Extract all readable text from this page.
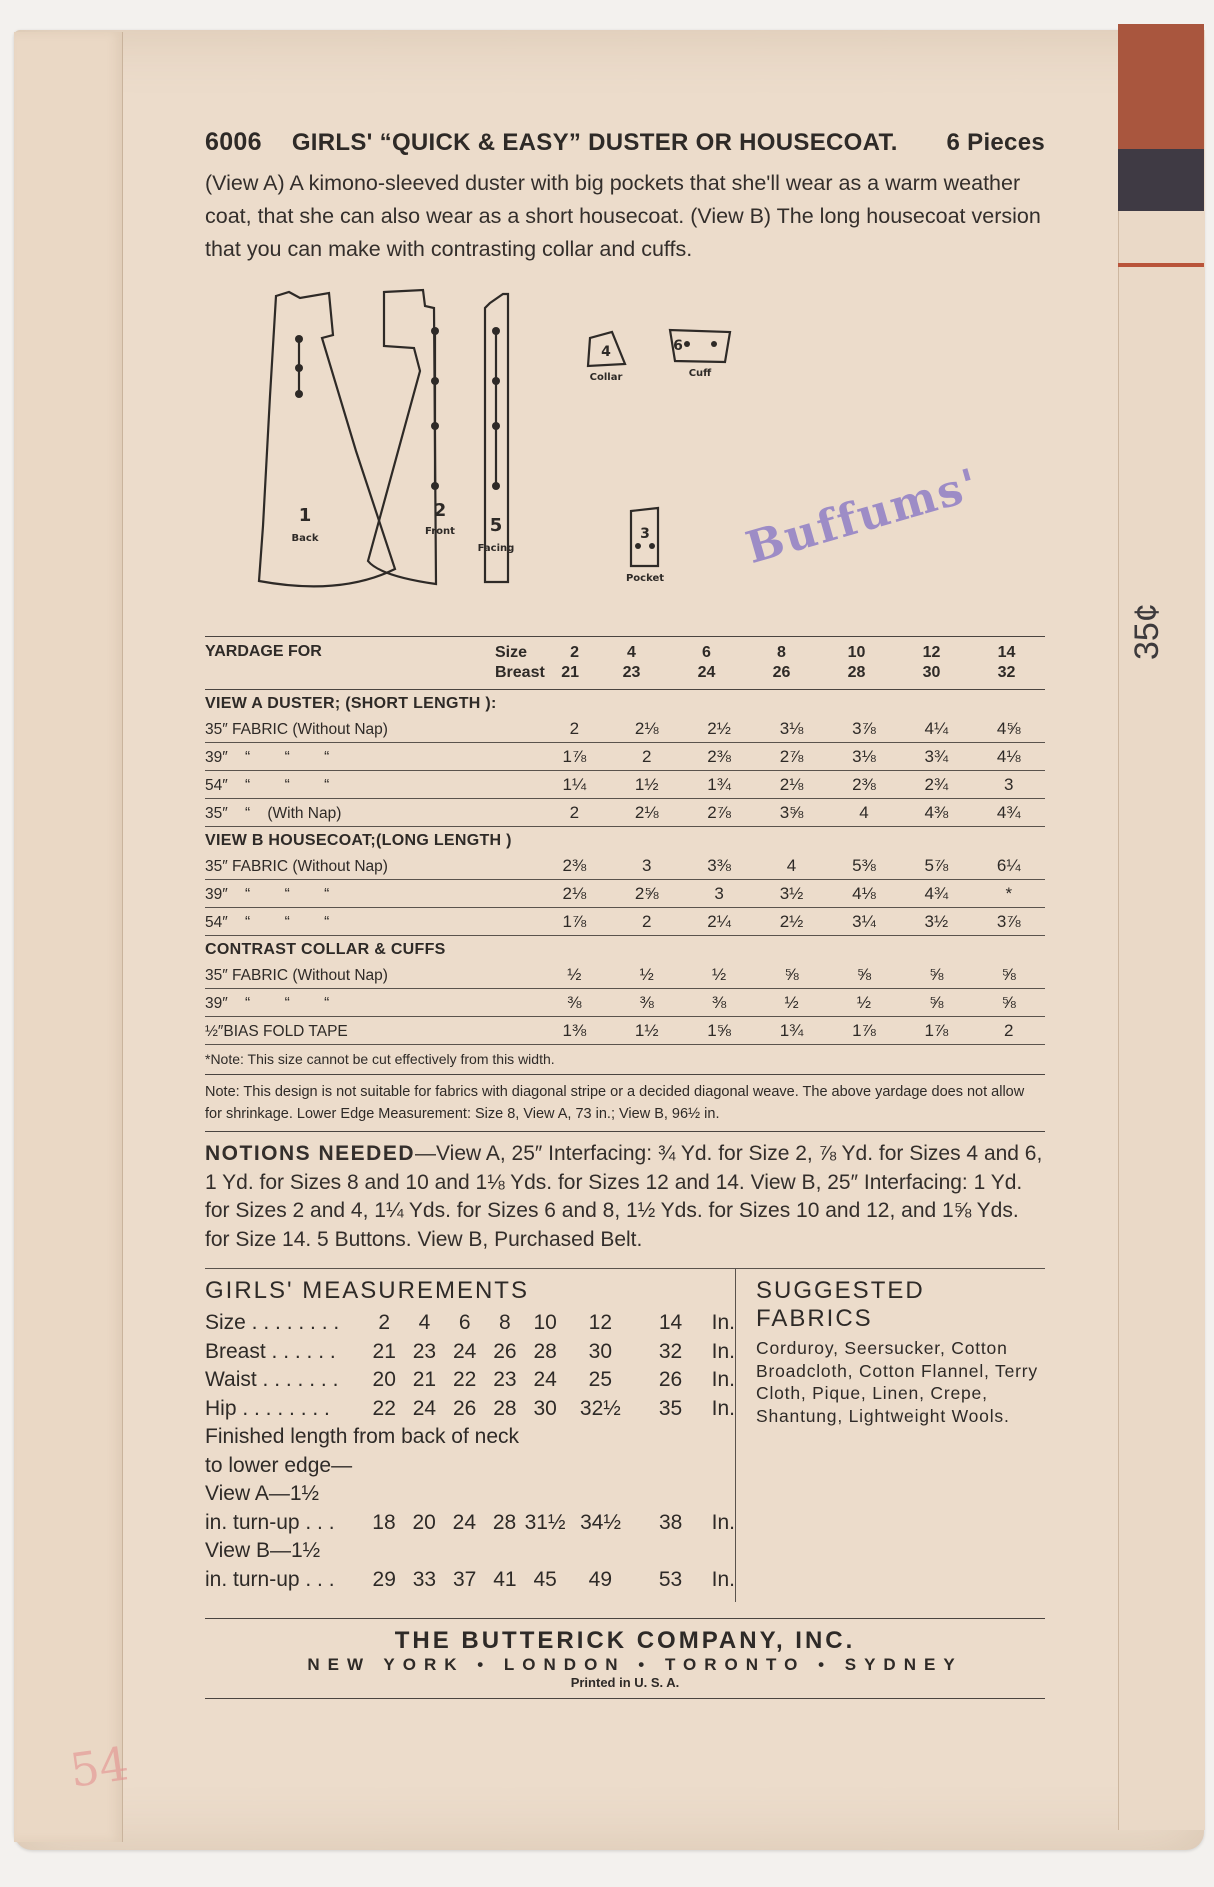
35¢
54
6006 GIRLS' “QUICK & EASY” DUSTER OR HOUSECOAT. 6 Pieces
(View A) A kimono-sleeved duster with big pockets that she'll wear as a warm weather coat, that she can also wear as a short housecoat. (View B) The long housecoat version that you can make with contrasting collar and cuffs.
1
Back
2
Front 5
Facing
4
Collar
6
Cuff
3
Pocket
Buffums'
YARDAGE FOR	Size	2	4	6	8	10	12	14
Breast	21	23	24	26	28	30	32
VIEW A DUSTER; (SHORT LENGTH ):
35″ FABRIC (Without Nap)	2	2⅛	2½	3⅛	3⅞	4¼	4⅝
39″    “        “        “	1⅞	2	2⅜	2⅞	3⅛	3¾	4⅛
54″    “        “        “	1¼	1½	1¾	2⅛	2⅜	2¾	3
35″    “    (With Nap)	2	2⅛	2⅞	3⅝	4	4⅜	4¾
VIEW B HOUSECOAT;(LONG LENGTH )
35″ FABRIC (Without Nap)	2⅜	3	3⅜	4	5⅜	5⅞	6¼
39″    “        “        “	2⅛	2⅝	3	3½	4⅛	4¾	*
54″    “        “        “	1⅞	2	2¼	2½	3¼	3½	3⅞
CONTRAST COLLAR & CUFFS
35″ FABRIC (Without Nap)	½	½	½	⅝	⅝	⅝	⅝
39″    “        “        “	⅜	⅜	⅜	½	½	⅝	⅝
½″BIAS FOLD TAPE	1⅜	1½	1⅝	1¾	1⅞	1⅞	2
*Note: This size cannot be cut effectively from this width.
Note: This design is not suitable for fabrics with diagonal stripe or a decided diagonal weave. The above yardage does not allow for shrinkage. Lower Edge Measurement: Size 8, View A, 73 in.; View B, 96½ in.
NOTIONS NEEDED—View A, 25″ Interfacing: ¾ Yd. for Size 2, ⅞ Yd. for Sizes 4 and 6, 1 Yd. for Sizes 8 and 10 and 1⅛ Yds. for Sizes 12 and 14. View B, 25″ Interfacing: 1 Yd. for Sizes 2 and 4, 1¼ Yds. for Sizes 6 and 8, 1½ Yds. for Sizes 10 and 12, and 1⅝ Yds. for Size 14. 5 Buttons. View B, Purchased Belt.
GIRLS' MEASUREMENTS
Size . . . . . . . .	2	4	6	8	10	12	14	In.
Breast . . . . . .	21 23 24 26 28	30	32	In.
Waist . . . . . . .	20 21 22 23 24	25	26	In.
Hip . . . . . . . .	22 24 26 28 30	32½	35	In.
Finished length from back of neck
to lower edge—
View A—1½
in. turn-up . . .	18 20 24 28 31½ 34½	38	In.
View B—1½
in. turn-up . . .	29 33 37 41 45	49	53	In.
SUGGESTED FABRICS

Corduroy, Seersucker, Cotton Broadcloth, Cotton Flannel, Terry Cloth, Pique, Linen, Crepe, Shantung, Lightweight Wools.

THE BUTTERICK COMPANY, INC.
NEW YORK • LONDON • TORONTO • SYDNEY
Printed in U. S. A.
